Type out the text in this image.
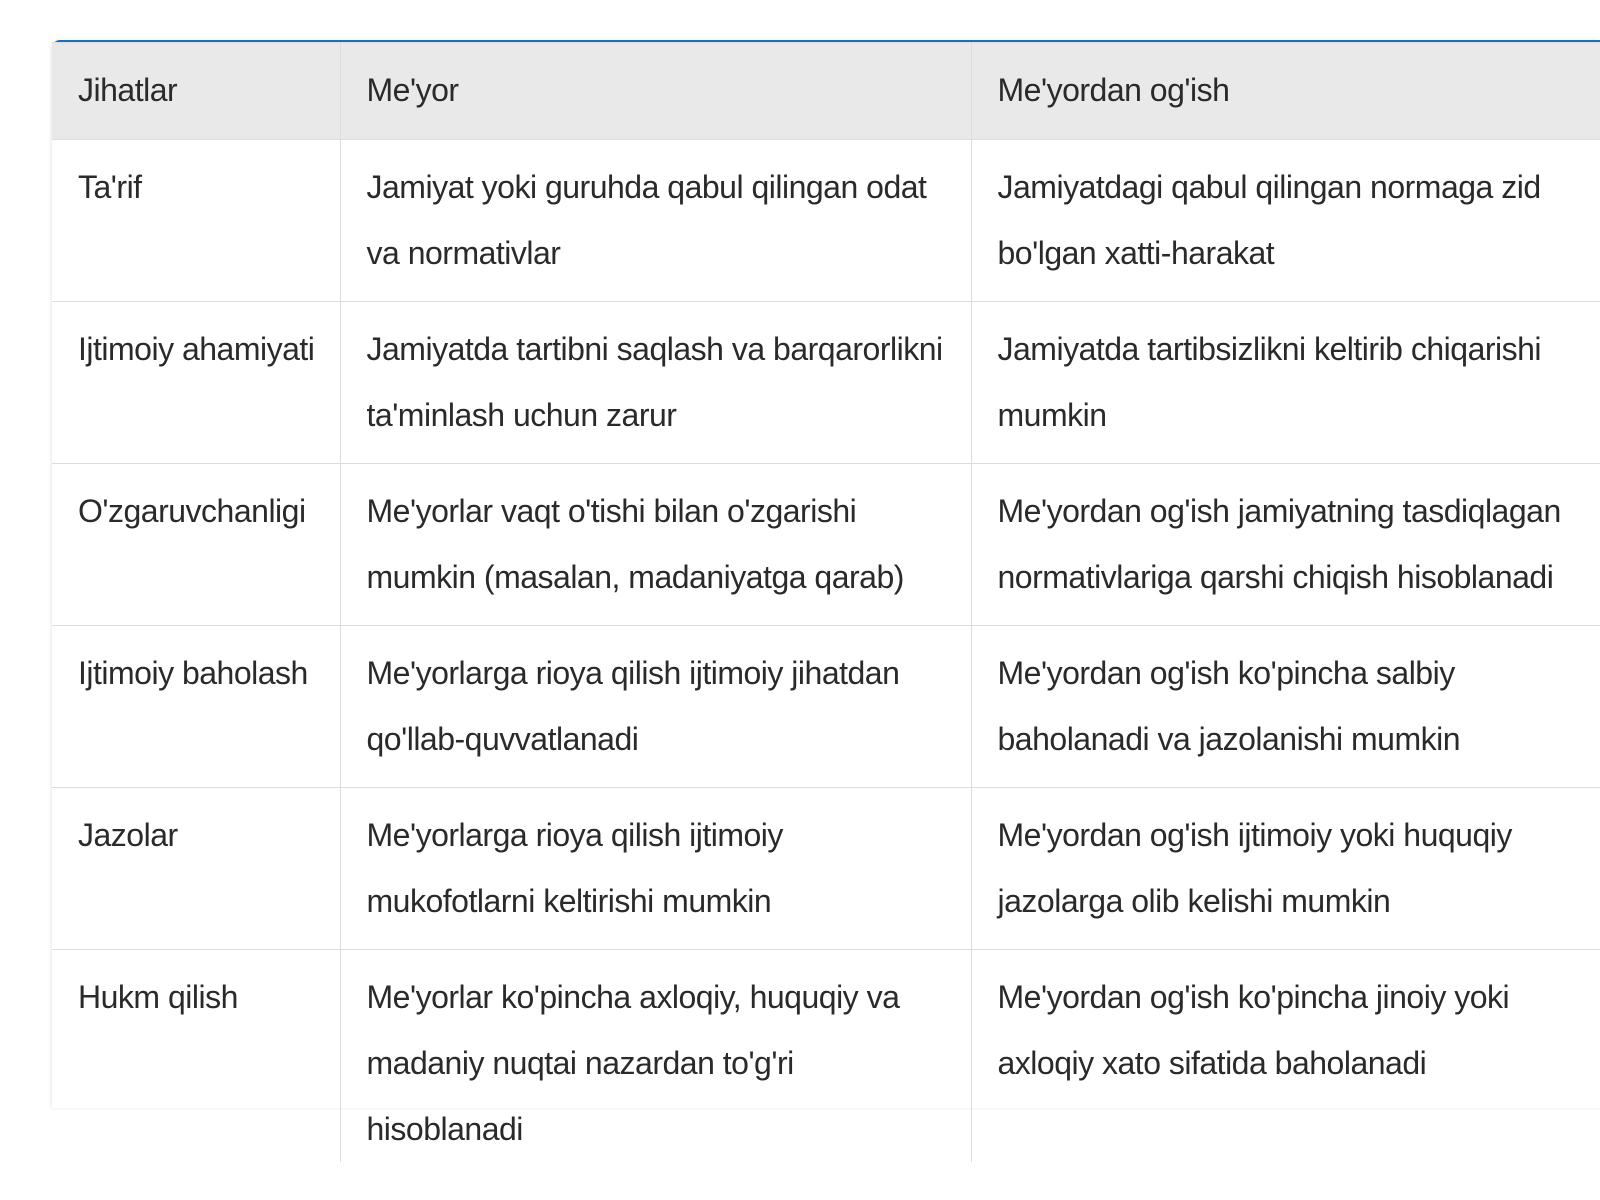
Jihatlar	Me'yor	Me'yordan og'ish
Ta'rif	Jamiyat yoki guruhda qabul qilingan odat va normativlar	Jamiyatdagi qabul qilingan normaga zid bo'lgan xatti-harakat
Ijtimoiy ahamiyati	Jamiyatda tartibni saqlash va barqarorlikni ta'minlash uchun zarur	Jamiyatda tartibsizlikni keltirib chiqarishi mumkin
O'zgaruvchanligi	Me'yorlar vaqt o'tishi bilan o'zgarishi mumkin (masalan, madaniyatga qarab)	Me'yordan og'ish jamiyatning tasdiqlagan normativlariga qarshi chiqish hisoblanadi
Ijtimoiy baholash	Me'yorlarga rioya qilish ijtimoiy jihatdan qo'llab-quvvatlanadi	Me'yordan og'ish ko'pincha salbiy baholanadi va jazolanishi mumkin
Jazolar	Me'yorlarga rioya qilish ijtimoiy mukofotlarni keltirishi mumkin	Me'yordan og'ish ijtimoiy yoki huquqiy jazolarga olib kelishi mumkin
Hukm qilish	Me'yorlar ko'pincha axloqiy, huquqiy va madaniy nuqtai nazardan to'g'ri hisoblanadi	Me'yordan og'ish ko'pincha jinoiy yoki axloqiy xato sifatida baholanadi
